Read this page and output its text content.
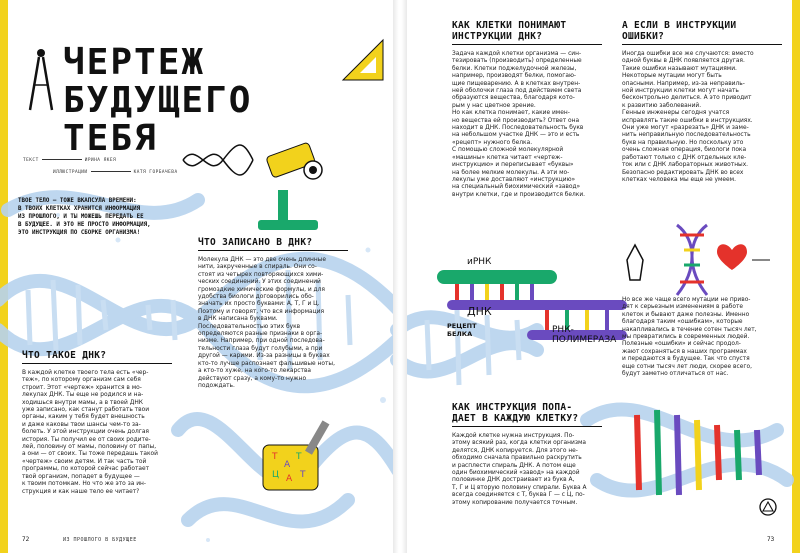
ЧЕРТЕЖ
БУДУЩЕГО
ТЕБЯ
ТЕКСТ	ИРИНА ЯКЕЯ
ИЛЛЮСТРАЦИИ	КАТЯ ГОРБАЧЕВА
ТВОЕ ТЕЛО — ТОЖЕ ВКАПСУЛА ВРЕМЕНИ:
В ТВОИХ КЛЕТКАХ ХРАНИТСЯ ИНФОРМАЦИЯ
ИЗ ПРОШЛОГО, И ТЫ МОЖЕШЬ ПЕРЕДАТЬ ЕЕ
В БУДУЩЕЕ. И ЭТО НЕ ПРОСТО ИНФОРМАЦИЯ,
ЭТО ИНСТРУКЦИЯ ПО СБОРКЕ ОРГАНИЗМА!
ЧТО ТАКОЕ ДНК?
В каждой клетке твоего тела есть «чер-
теж», по которому организм сам себя
строит. Этот «чертеж» хранится в мо-
лекулах ДНК. Ты еще не родился и на-
ходишься внутри мамы, а в твоей ДНК
уже записано, как станут работать твои
органы, каким у тебя будет внешность
и даже каковы твои шансы чем-то за-
болеть. У этой инструкции очень долгая
история. Ты получил ее от своих родите-
лей, половину от мамы, половину от папы,
а они — от своих. Ты тоже передашь такой
«чертеж» своим детям. И так часть той
программы, по которой сейчас работает
твой организм, попадет в будущее —
к твоим потомкам. Но что же это за ин-
струкция и как наше тело ее читает?
ЧТО ЗАПИСАНО В ДНК?
Молекула ДНК — это две очень длинные
нити, закрученные в спираль. Они со-
стоят из четырех повторяющихся хими-
ческих соединений. У этих соединений
громоздкие химические формулы, и для
удобства биологи договорились обо-
значать их просто буквами: А, Т, Г и Ц.
Поэтому и говорят, что вся информация
в ДНК написана буквами.
Последовательностью этих букв
определяются разные признаки в орга-
низме. Например, при одной последова-
тельности глаза будут голубыми, а при
другой — карими. Из-за разницы в буквах
кто-то лучше распознает фальшивые ноты,
а кто-то хуже, на кого-то лекарства
действуют сразу, а кому-то нужно
подождать.
Т
А
Т
Ц А Т
72	ИЗ ПРОШЛОГО В БУДУЩЕЕ
иРНК
ДНК
РЕЦЕПТ
БЕЛКА	РНК-ПОЛИМЕРАЗА
КАК КЛЕТКИ ПОНИМАЮТ
ИНСТРУКЦИИ ДНК?
Задача каждой клетки организма — син-
тезировать (производить) определенные
белки. Клетки поджелудочной железы,
например, производят белки, помогаю-
щие пищеварению. А в клетках внутрен-
ней оболочки глаза под действием света
образуются вещества, благодаря кото-
рым у нас цветное зрение.
Но как клетка понимает, какие имен-
но вещества ей производить? Ответ она
находит в ДНК. Последовательность букв
на небольшом участке ДНК — это и есть
«рецепт» нужного белка.
С помощью сложной молекулярной
«машины» клетка читает «чертеж-
инструкцию» и переписывает «буквы»
на более мелкие молекулы. А эти мо-
лекулы уже доставляют «инструкцию»
на специальный биохимический «завод»
внутри клетки, где и производится белки.
А ЕСЛИ В ИНСТРУКЦИИ
ОШИБКИ?
Иногда ошибки все же случаются: вместо
одной буквы в ДНК появляется другая.
Такие ошибки называют мутациями.
Некоторые мутации могут быть
опасными. Например, из-за неправиль-
ной инструкции клетки могут начать
бесконтрольно делиться. А это приводит
к развитию заболеваний.
Генные инженеры сегодня учатся
исправлять такие ошибки в инструкциях.
Они уже могут «разрезать» ДНК и заме-
нить неправильную последовательность
букв на правильную. Но поскольку это
очень сложная операция, биологи пока
работают только с ДНК отдельных кле-
ток или с ДНК лабораторных животных.
Безопасно редактировать ДНК во всех
клетках человека мы еще не умеем.
Но все же чаще всего мутации не приво-
дят к серьезным изменениям в работе
клеток и бывают даже полезны. Именно
благодаря таким «ошибкам», которые
накапливались в течение сотен тысяч лет,
мы превратились в современных людей.
Полезные «ошибки» и сейчас продол-
жают сохраняться в наших программах
и передаются в будущее. Так что спустя
еще сотни тысяч лет люди, скорее всего,
будут заметно отличаться от нас.
КАК ИНСТРУКЦИЯ ПОПА-
ДАЕТ В КАЖДУЮ КЛЕТКУ?
Каждой клетке нужна инструкция. По-
этому всякий раз, когда клетки организма
делятся, ДНК копируется. Для этого не-
обходимо сначала правильно раскрутить
и расплести спираль ДНК. А потом еще
один биохимический «завод» на каждой
половинке ДНК достраивает из букв А,
Т, Г и Ц вторую половину спирали. Буква А
всегда соединяется с Т, буква Г — с Ц, по-
этому копирование получается точным.
73
